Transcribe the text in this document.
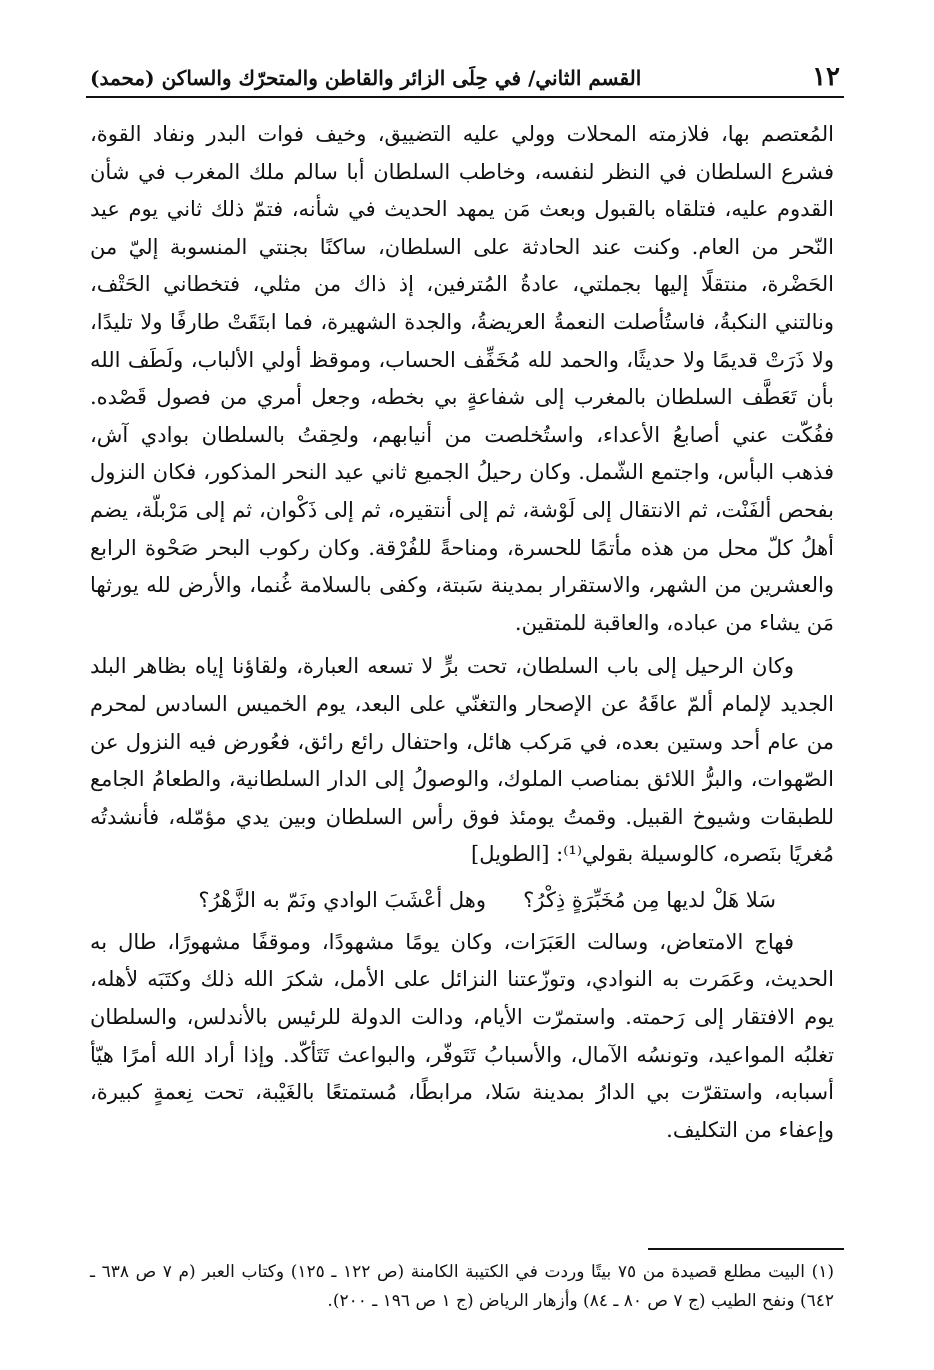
١٢
القسم الثاني/ في حِلَى الزائر والقاطن والمتحرّك والساكن (محمد)

المُعتصم بها، فلازمته المحلات وولي عليه التضييق، وخيف فوات البدر ونفاد القوة، فشرع السلطان في النظر لنفسه، وخاطب السلطان أبا سالم ملك المغرب في شأن القدوم عليه، فتلقاه بالقبول وبعث مَن يمهد الحديث في شأنه، فتمّ ذلك ثاني يوم عيد النّحر من العام. وكنت عند الحادثة على السلطان، ساكنًا بجنتي المنسوبة إليّ من الحَضْرة، منتقلًا إليها بجملتي، عادةُ المُترفين، إذ ذاك من مثلي، فتخطاني الحَتْف، ونالتني النكبةُ، فاستُأصلت النعمةُ العريضةُ، والجدة الشهيرة، فما ابتَقَتْ طارفًا ولا تليدًا، ولا ذَرَتْ قديمًا ولا حديثًا، والحمد لله مُخَفِّف الحساب، وموقظ أولي الألباب، ولَطَف الله بأن تَعَطَّف السلطان بالمغرب إلى شفاعةٍ بي بخطه، وجعل أمري من فصول قَصْده. ففُكّت عني أصابعُ الأعداء، واستُخلصت من أنيابهم، ولحِقتُ بالسلطان بوادي آش، فذهب البأس، واجتمع الشّمل. وكان رحيلُ الجميع ثاني عيد النحر المذكور، فكان النزول بفحص ألفَنْت، ثم الانتقال إلى لَوْشة، ثم إلى أنتقيره، ثم إلى ذَكْوان، ثم إلى مَرْبلّة، يضم أهلُ كلّ محل من هذه مأتمًا للحسرة، ومناحةً للفُرْقة. وكان ركوب البحر صَحْوة الرابع والعشرين من الشهر، والاستقرار بمدينة سَبتة، وكفى بالسلامة غُنما، والأرض لله يورثها مَن يشاء من عباده، والعاقبة للمتقين.

وكان الرحيل إلى باب السلطان، تحت برٍّ لا تسعه العبارة، ولقاؤنا إياه بظاهر البلد الجديد لإلمام ألمّ عاقَهُ عن الإصحار والتغنّي على البعد، يوم الخميس السادس لمحرم من عام أحد وستين بعده، في مَركب هائل، واحتفال رائع رائق، فعُورض فيه النزول عن الصّهوات، والبرُّ اللائق بمناصب الملوك، والوصولُ إلى الدار السلطانية، والطعامُ الجامع للطبقات وشيوخ القبيل. وقمتُ يومئذ فوق رأس السلطان وبين يدي مؤمّله، فأنشدتُه مُغريًا بنَصره، كالوسيلة بقولي⁽¹⁾: [الطويل]

سَلا هَلْ لديها مِن مُخَبِّرَةٍ ذِكْرُ؟
وهل أعْشَبَ الوادي ونَمّ به الزَّهْرُ؟

فهاج الامتعاض، وسالت العَبَرَات، وكان يومًا مشهودًا، وموقفًا مشهورًا، طال به الحديث، وعَمَرت به النوادي، وتوزّعتنا النزائل على الأمل، شكرَ الله ذلك وكتَبَه لأهله، يوم الافتقار إلى رَحمته. واستمرّت الأيام، ودالت الدولة للرئيس بالأندلس، والسلطان تغلبُه المواعيد، وتونسُه الآمال، والأسبابُ تَتَوفّر، والبواعث تَتَأكّد. وإذا أراد الله أمرًا هيّأ أسبابه، واستقرّت بي الدارُ بمدينة سَلا، مرابطًا، مُستمتعًا بالغَيْبة، تحت نِعمةٍ كبيرة، وإعفاء من التكليف.

(١) البيت مطلع قصيدة من ٧٥ بيتًا وردت في الكتيبة الكامنة (ص ١٢٢ ـ ١٢٥) وكتاب العبر (م ٧ ص ٦٣٨ ـ ٦٤٢) ونفح الطيب (ج ٧ ص ٨٠ ـ ٨٤) وأزهار الرياض (ج ١ ص ١٩٦ ـ ٢٠٠).
